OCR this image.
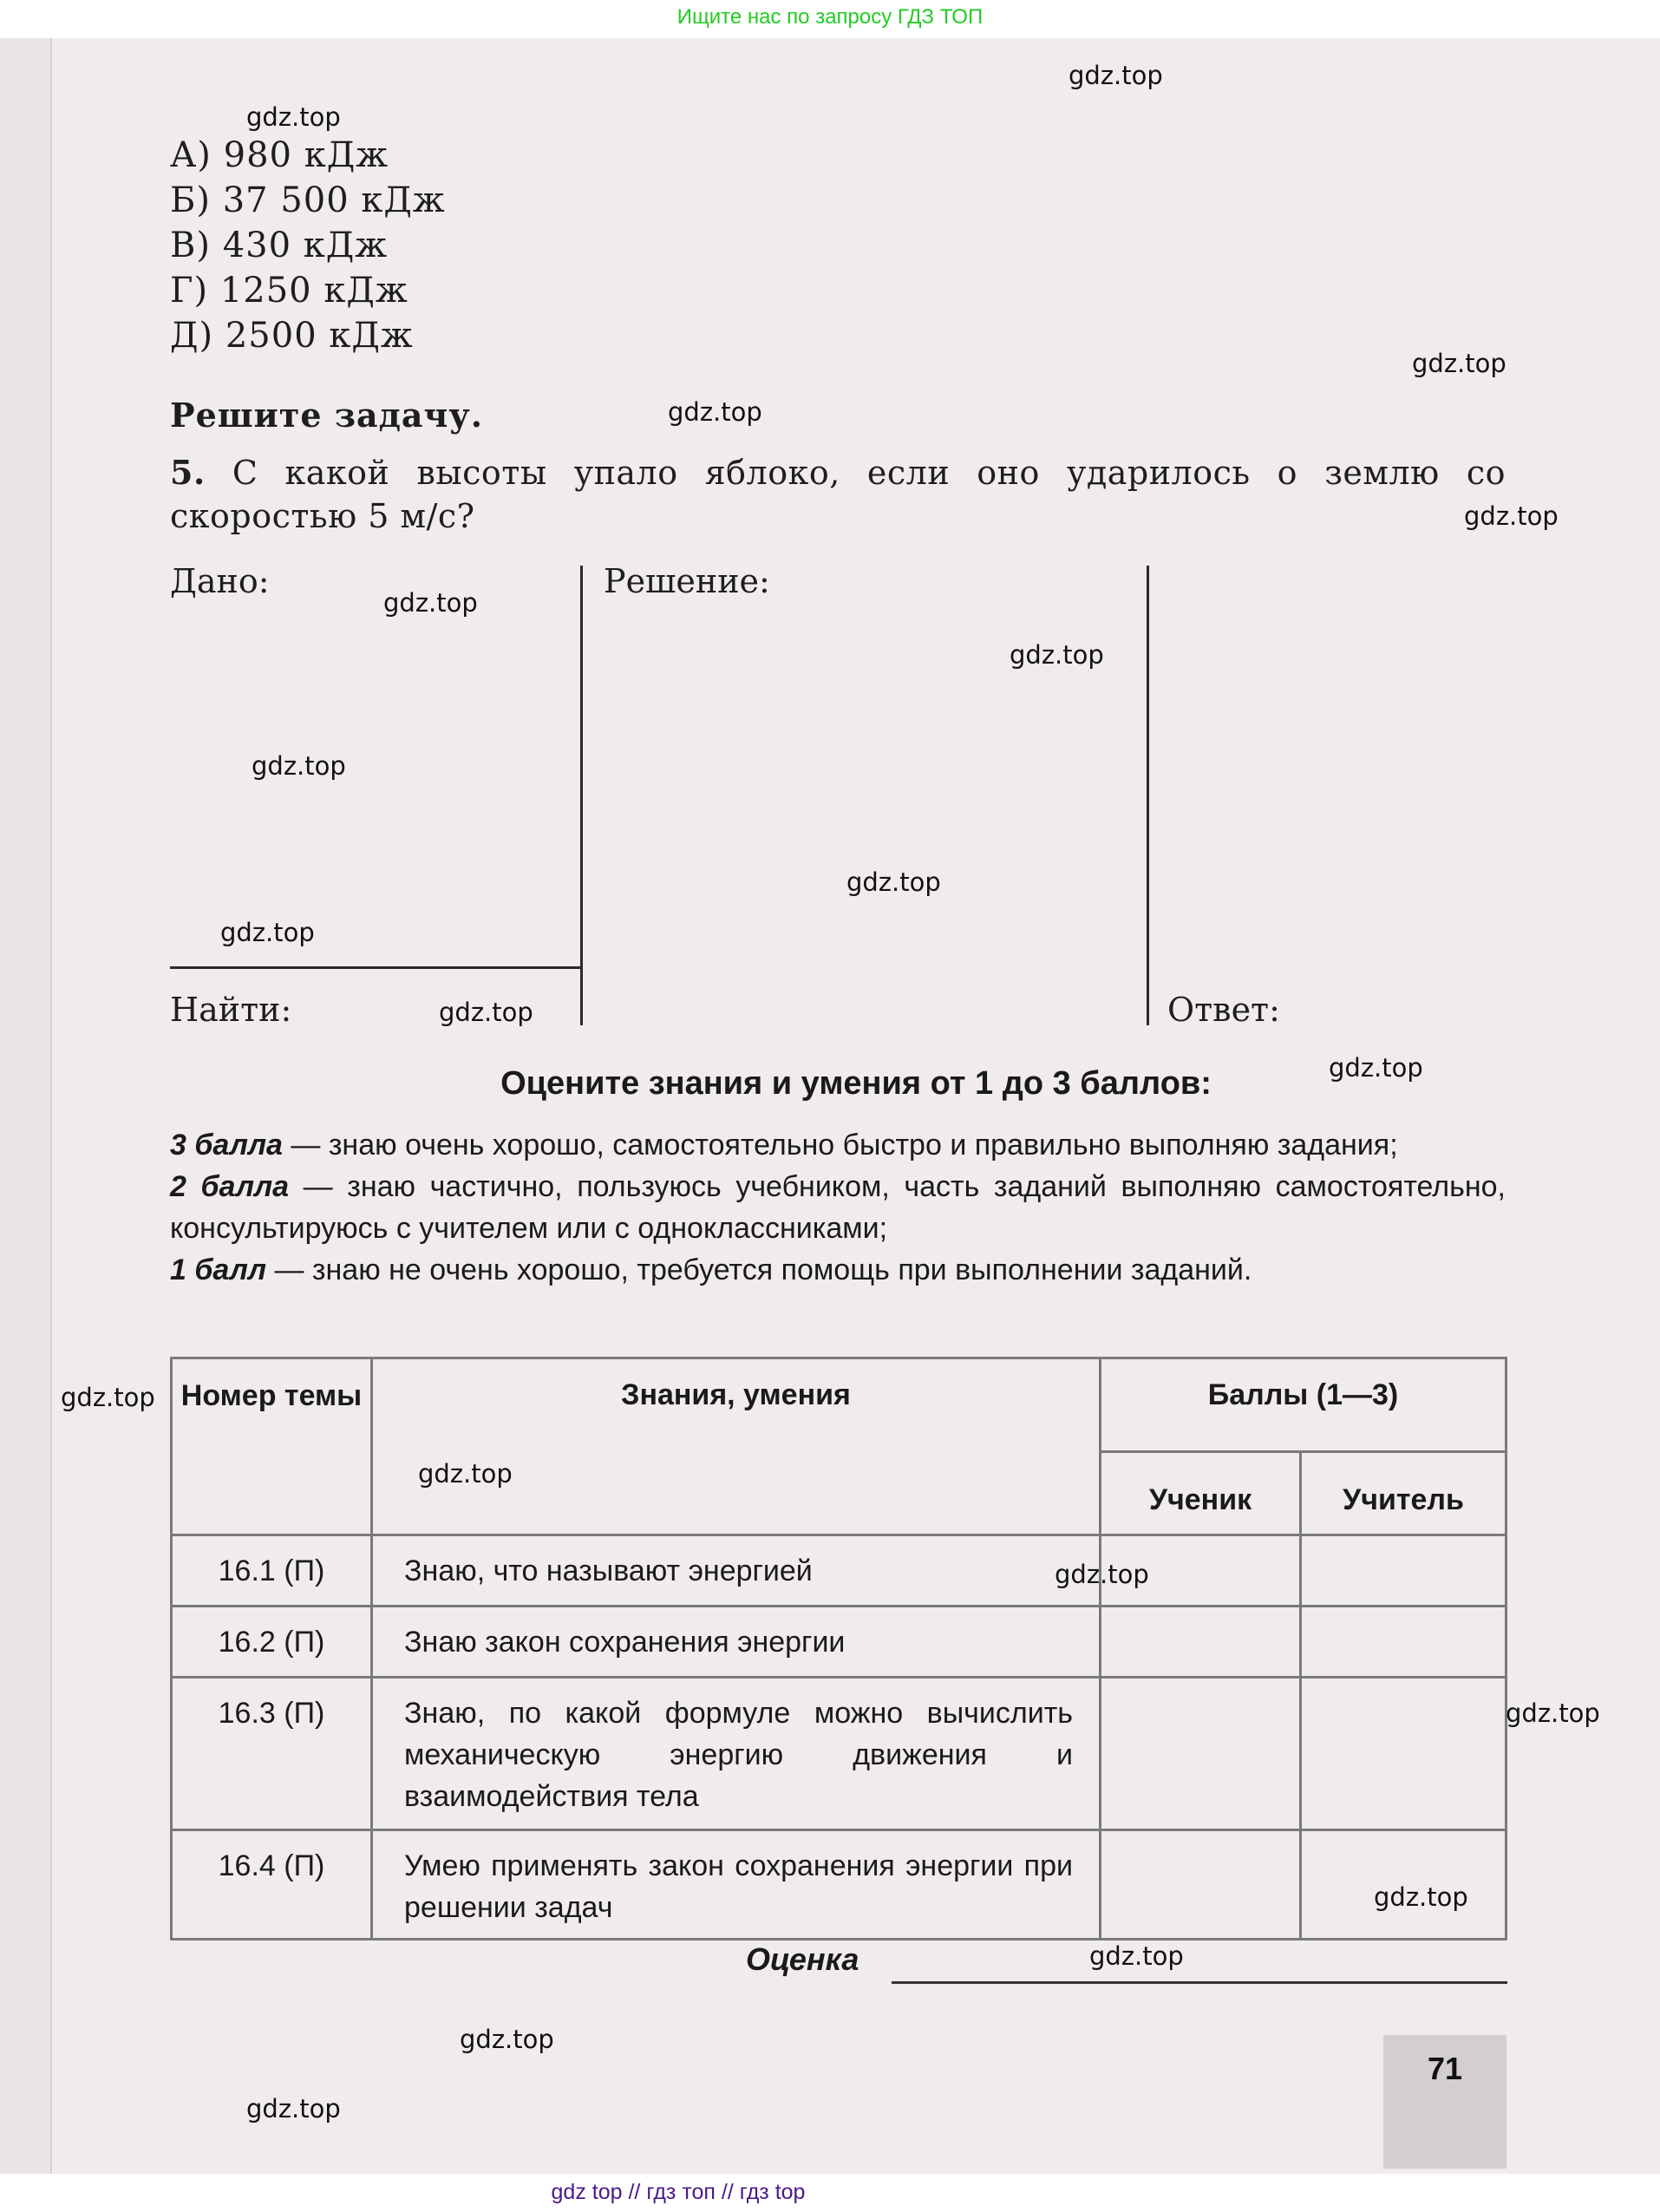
Ищите нас по запросу ГДЗ ТОП
А) 980 кДж
Б) 37 500 кДж
В) 430 кДж
Г) 1250 кДж
Д) 2500 кДж
Решите задачу.
5. С какой высоты упало яблоко, если оно ударилось о землю со скоростью 5 м/с?
Дано:	Решение:
Найти:	Ответ:
Оцените знания и умения от 1 до 3 баллов:

3 балла — знаю очень хорошо, самостоятельно быстро и правильно выполняю задания;

2 балла — знаю частично, пользуюсь учебником, часть заданий выполняю самостоятельно, консультируюсь с учителем или с одноклассниками;

1 балл — знаю не очень хорошо, требуется помощь при выполнении заданий.

Номер темы	Знания, умения	Баллы (1—3)	
		Ученик	Учитель
16.1 (П)	Знаю, что называют энергией		
16.2 (П)	Знаю закон сохранения энергии		
16.3 (П)	Знаю, по какой формуле можно вычислить механическую энергию движения и взаимодействия тела		
16.4 (П)	Умею применять закон сохранения энергии при решении задач		
Оценка
71
gdz.top
gdz.top
gdz.top
gdz.top
gdz.top
gdz.top
gdz.top
gdz.top
gdz.top
gdz.top
gdz.top
gdz.top
gdz.top
gdz.top
gdz.top
gdz.top
gdz.top
gdz.top
gdz.top
gdz.top
gdz top // гдз топ // гдз top
